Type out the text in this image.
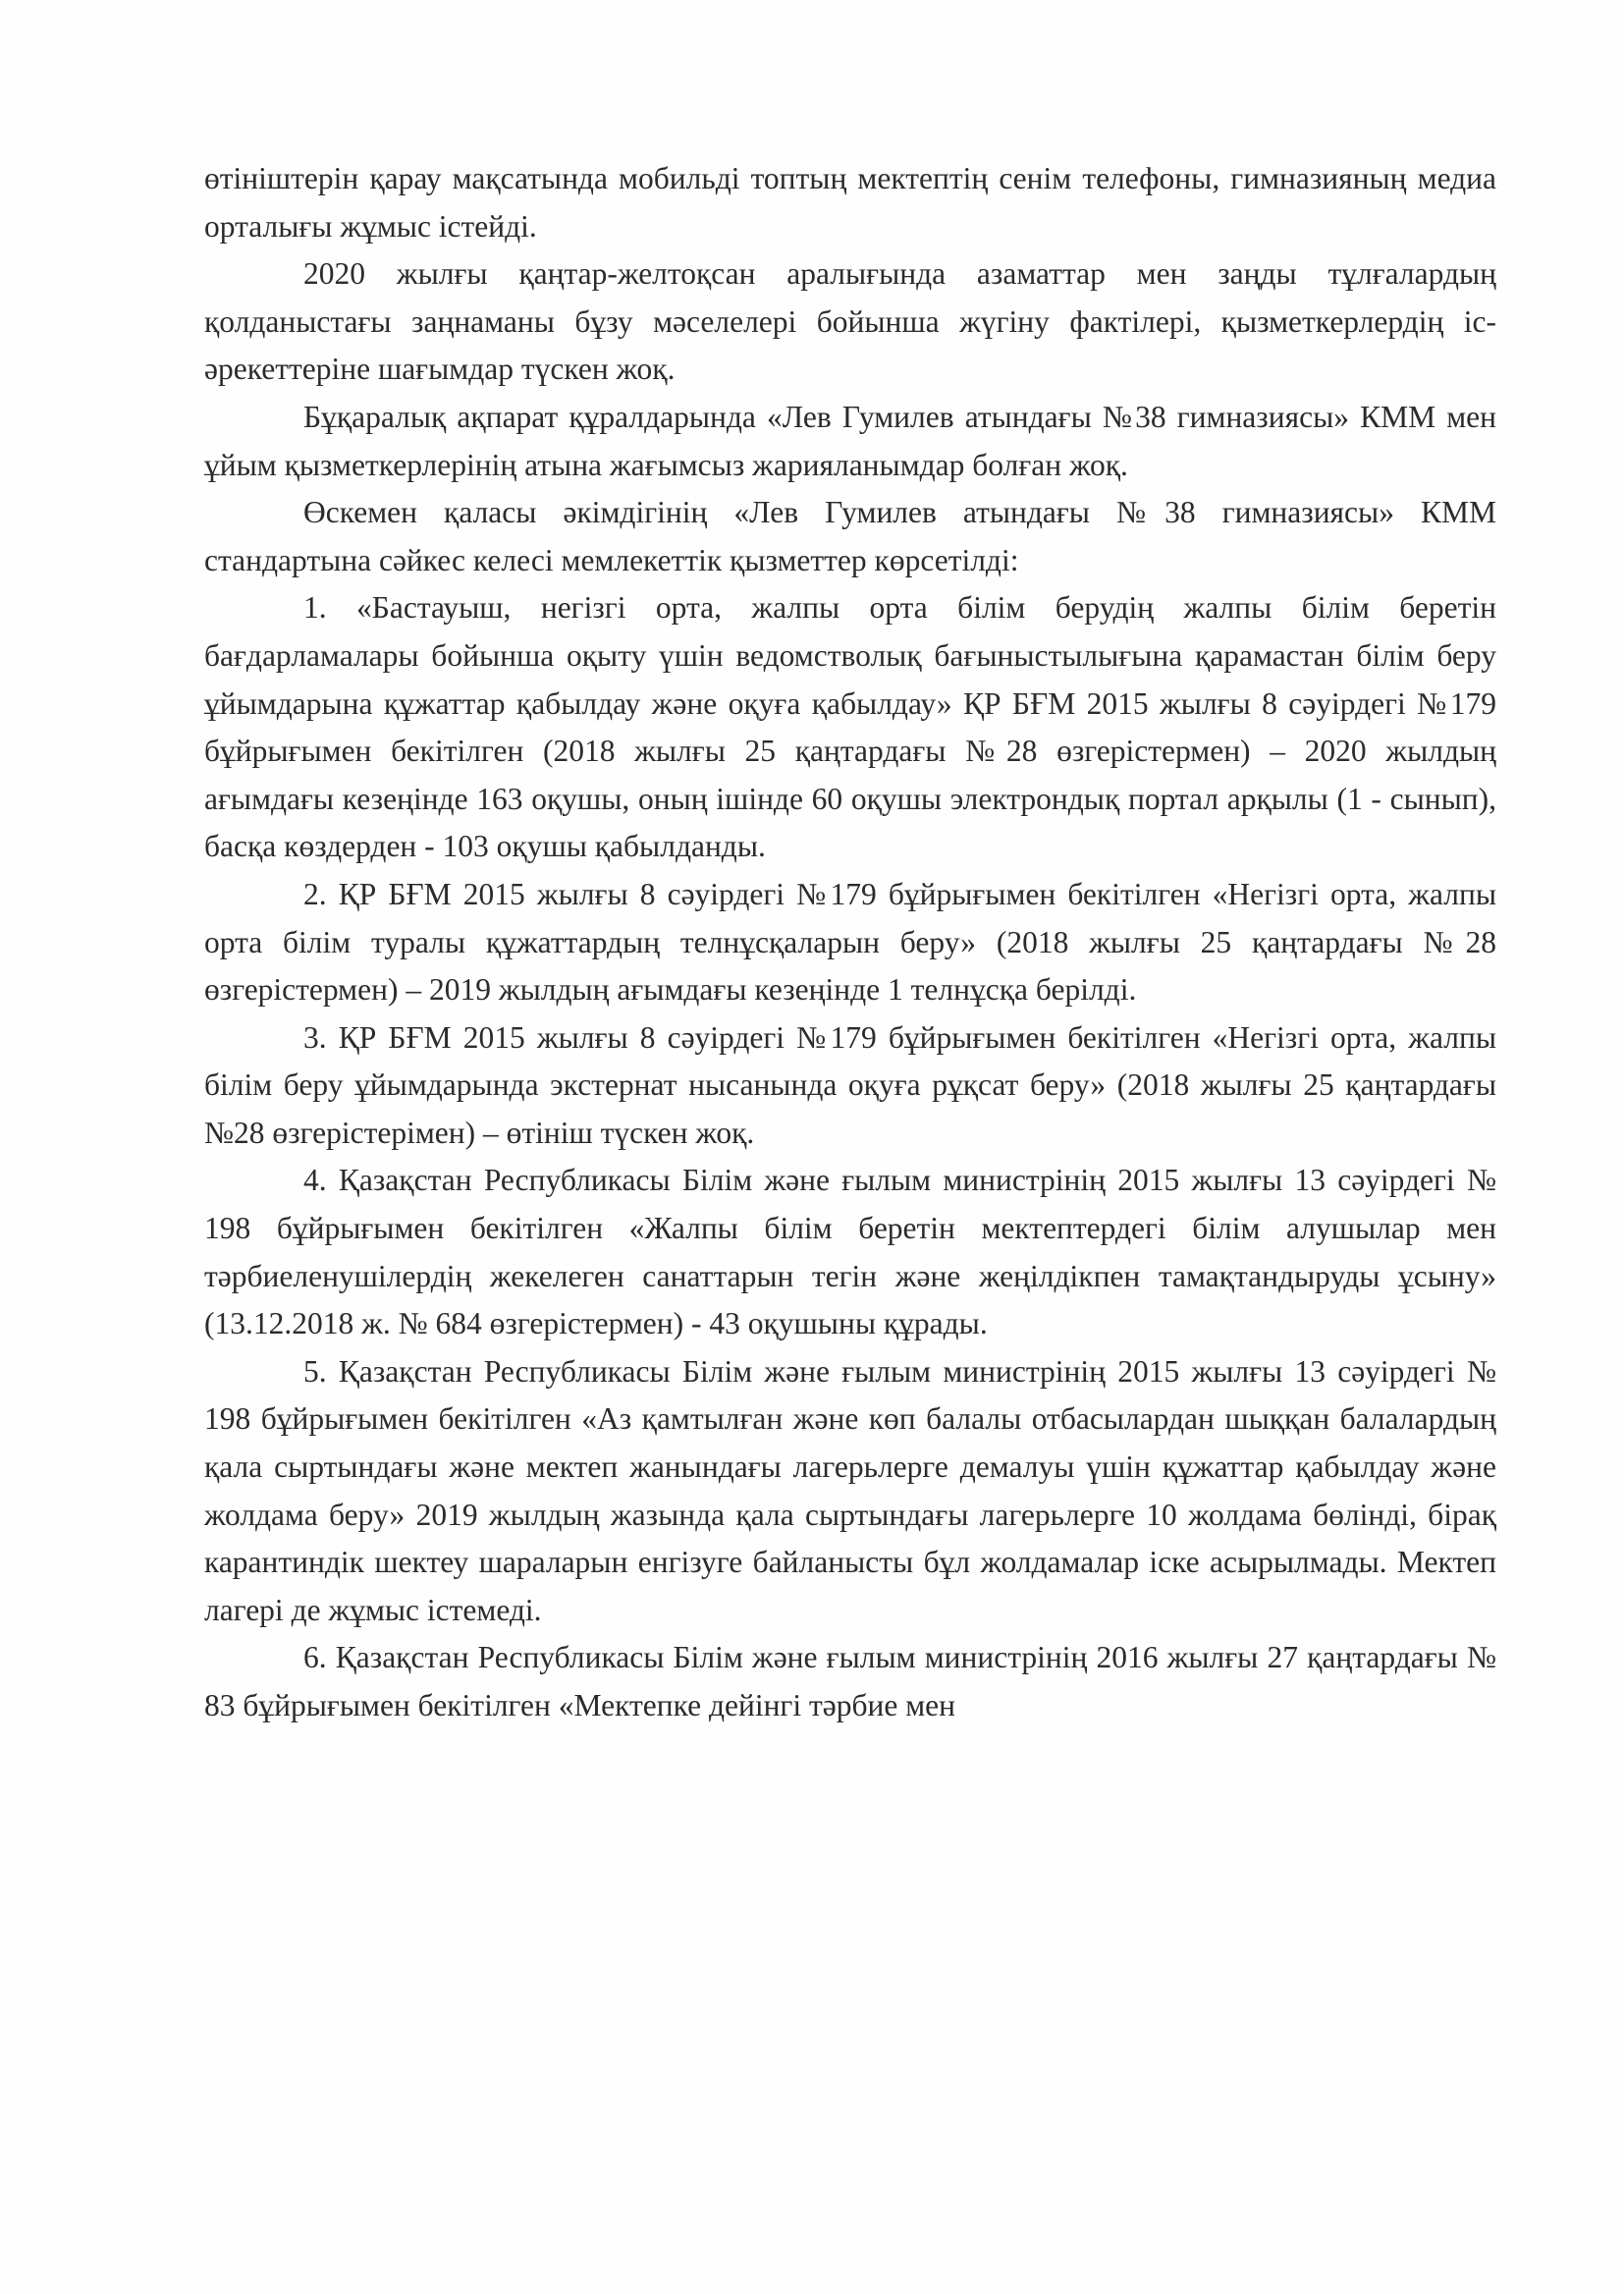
өтініштерін қарау мақсатында мобильді топтың мектептің сенім телефоны, гимназияның медиа орталығы жұмыс істейді.

2020 жылғы қаңтар-желтоқсан аралығында азаматтар мен заңды тұлғалардың қолданыстағы заңнаманы бұзу мәселелері бойынша жүгіну фактілері, қызметкерлердің іс-әрекеттеріне шағымдар түскен жоқ.

Бұқаралық ақпарат құралдарында «Лев Гумилев атындағы №38 гимназиясы» КММ мен ұйым қызметкерлерінің атына жағымсыз жарияланымдар болған жоқ.

Өскемен қаласы әкімдігінің «Лев Гумилев атындағы №38 гимназиясы» КММ стандартына сәйкес келесі мемлекеттік қызметтер көрсетілді:

1. «Бастауыш, негізгі орта, жалпы орта білім берудің жалпы білім беретін бағдарламалары бойынша оқыту үшін ведомстволық бағыныстылығына қарамастан білім беру ұйымдарына құжаттар қабылдау және оқуға қабылдау» ҚР БҒМ 2015 жылғы 8 сәуірдегі №179 бұйрығымен бекітілген (2018 жылғы 25 қаңтардағы №28 өзгерістермен) – 2020 жылдың ағымдағы кезеңінде 163 оқушы, оның ішінде 60 оқушы электрондық портал арқылы (1 - сынып), басқа көздерден - 103 оқушы қабылданды.

2. ҚР БҒМ 2015 жылғы 8 сәуірдегі №179 бұйрығымен бекітілген «Негізгі орта, жалпы орта білім туралы құжаттардың телнұсқаларын беру» (2018 жылғы 25 қаңтардағы №28 өзгерістермен) – 2019 жылдың ағымдағы кезеңінде 1 телнұсқа берілді.

3. ҚР БҒМ 2015 жылғы 8 сәуірдегі №179 бұйрығымен бекітілген «Негізгі орта, жалпы білім беру ұйымдарында экстернат нысанында оқуға рұқсат беру» (2018 жылғы 25 қаңтардағы №28 өзгерістерімен) – өтініш түскен жоқ.

4. Қазақстан Республикасы Білім және ғылым министрінің 2015 жылғы 13 сәуірдегі № 198 бұйрығымен бекітілген «Жалпы білім беретін мектептердегі білім алушылар мен тәрбиеленушілердің жекелеген санаттарын тегін және жеңілдікпен тамақтандыруды ұсыну» (13.12.2018 ж. № 684 өзгерістермен) - 43 оқушыны құрады.

5. Қазақстан Республикасы Білім және ғылым министрінің 2015 жылғы 13 сәуірдегі № 198 бұйрығымен бекітілген «Аз қамтылған және көп балалы отбасылардан шыққан балалардың қала сыртындағы және мектеп жанындағы лагерьлерге демалуы үшін құжаттар қабылдау және жолдама беру» 2019 жылдың жазында қала сыртындағы лагерьлерге 10 жолдама бөлінді, бірақ карантиндік шектеу шараларын енгізуге байланысты бұл жолдамалар іске асырылмады. Мектеп лагері де жұмыс істемеді.

6. Қазақстан Республикасы Білім және ғылым министрінің 2016 жылғы 27 қаңтардағы № 83 бұйрығымен бекітілген «Мектепке дейінгі тәрбие мен
